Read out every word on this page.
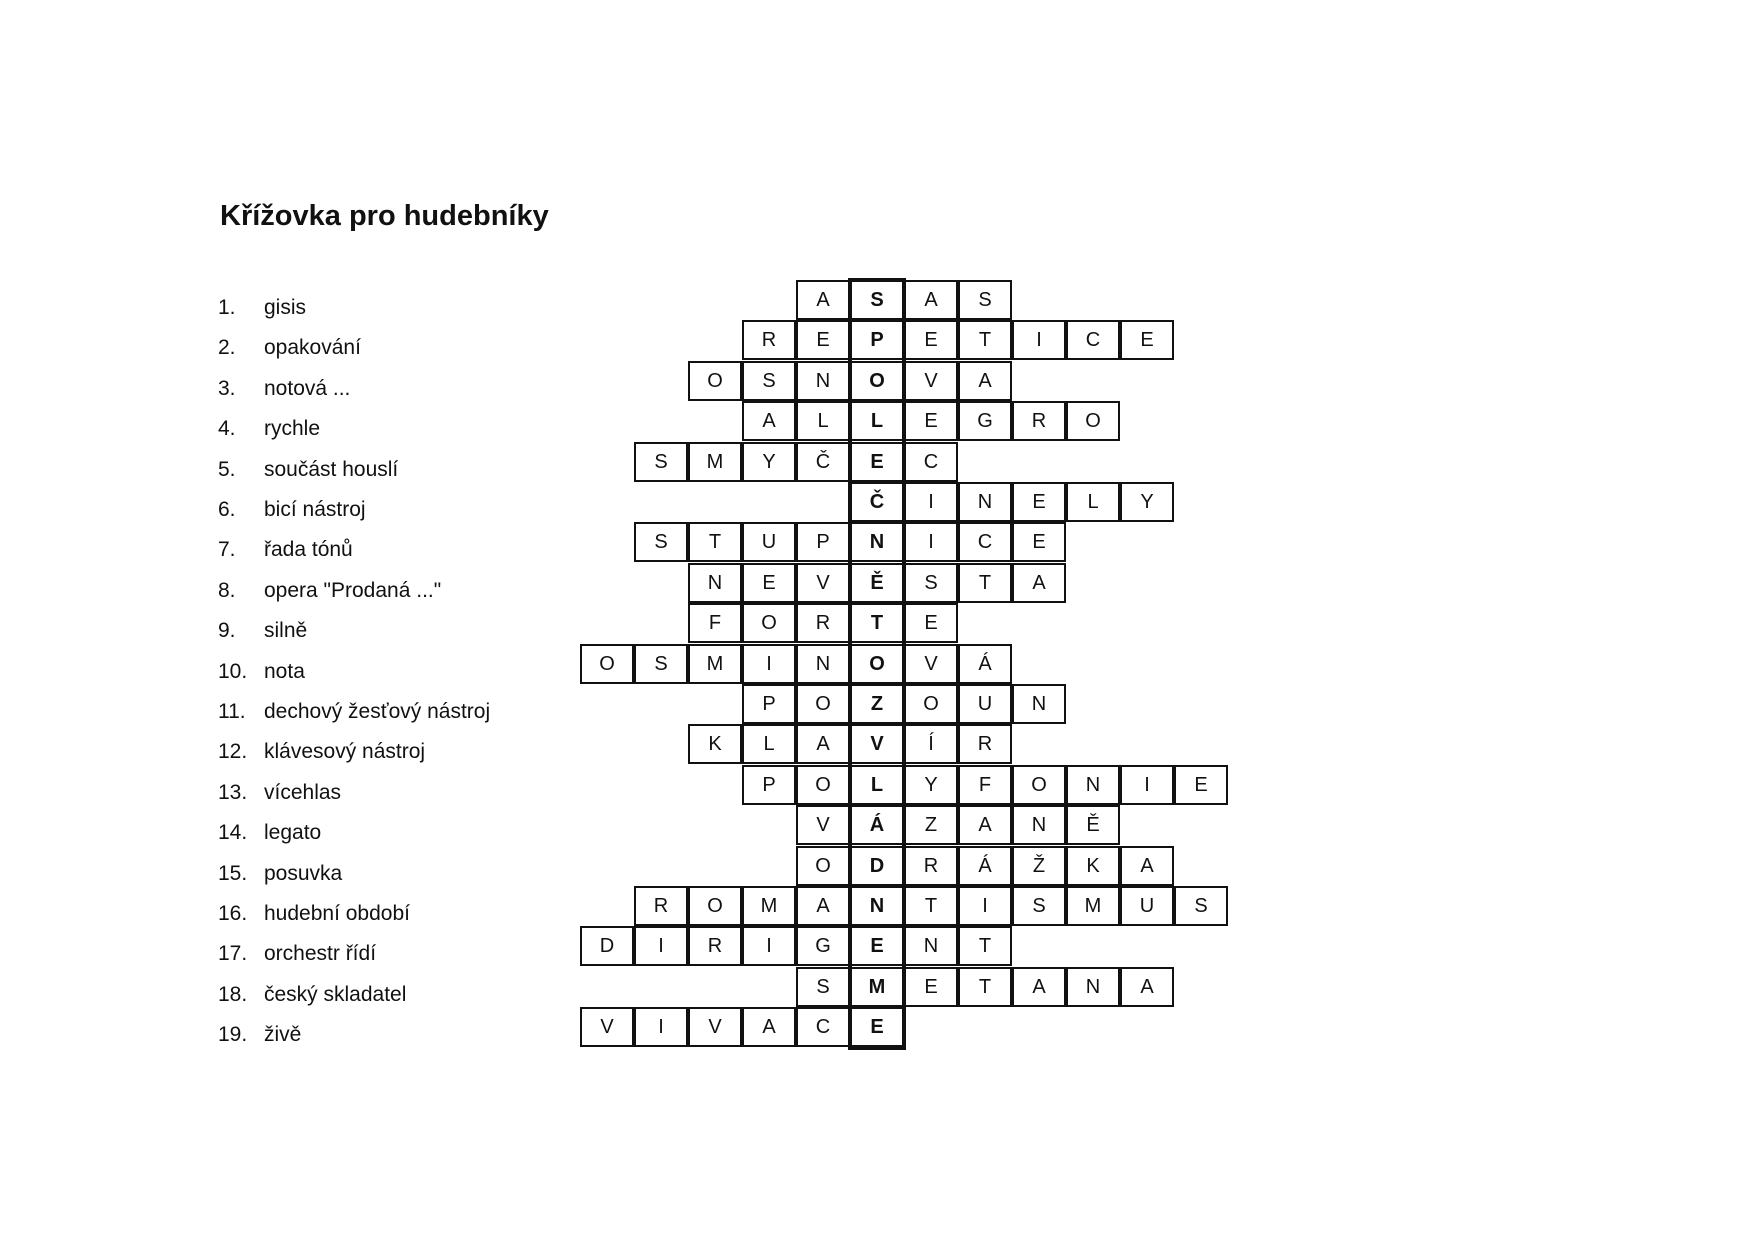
Křížovka pro hudebníky
1.	gisis
2.	opakování
3.	notová ...
4.	rychle
5.	součást houslí
6.	bicí nástroj
7.	řada tónů
8.	opera "Prodaná ..."
9.	silně
10. nota
11. dechový žesťový nástroj
12. klávesový nástroj
13. vícehlas
14. legato
15. posuvka
16. hudební období
17. orchestr řídí
18. český skladatel
19. živě
A	S	A	S
R	E	P	E	T	I	C	E
O	S	N	O	V	A
A	L	L	E	G	R	O
S	M	Y	Č	E	C
Č	I	N	E	L	Y
S	T	U	P	N	I	C	E
N	E	V	Ě	S	T	A
F	O	R	T	E
O	S	M	I	N	O	V	Á
P	O	Z	O	U	N
K	L	A	V	Í	R
P	O	L	Y	F	O	N	I	E
V	Á	Z	A	N	Ě
O	D	R	Á	Ž	K	A
R	O	M	A	N	T	I	S	M	U	S
D	I	R	I	G	E	N	T
S	M	E	T	A	N	A
V	I	V	A	C	E
